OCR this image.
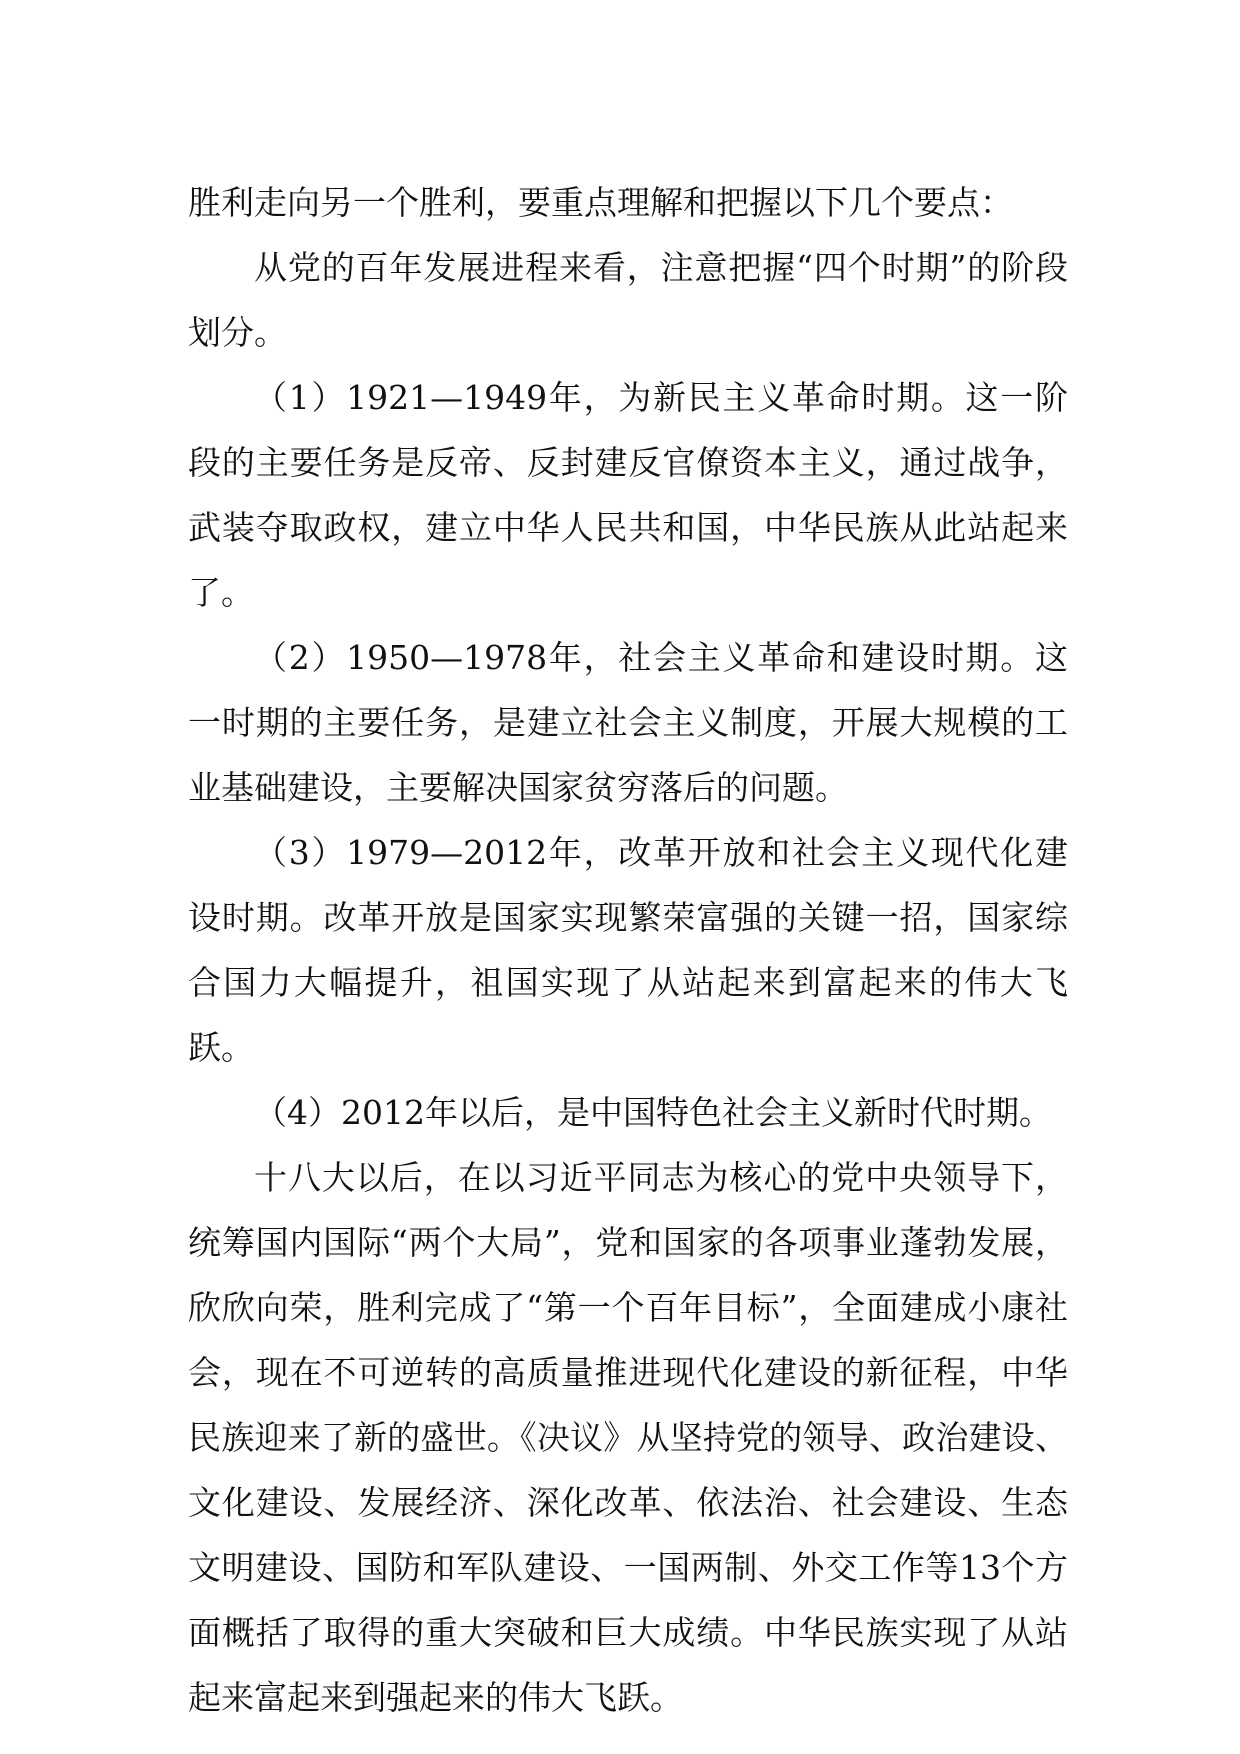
胜利走向另一个胜利，要重点理解和把握以下几个要点：

从党的百年发展进程来看，注意把握“四个时期”的阶段划分。

（1）1921—1949年，为新民主义革命时期。这一阶段的主要任务是反帝、反封建反官僚资本主义，通过战争，武装夺取政权，建立中华人民共和国，中华民族从此站起来了。

（2）1950—1978年，社会主义革命和建设时期。这一时期的主要任务，是建立社会主义制度，开展大规模的工业基础建设，主要解决国家贫穷落后的问题。

（3）1979—2012年，改革开放和社会主义现代化建设时期。改革开放是国家实现繁荣富强的关键一招，国家综合国力大幅提升，祖国实现了从站起来到富起来的伟大飞跃。

（4）2012年以后，是中国特色社会主义新时代时期。

十八大以后，在以习近平同志为核心的党中央领导下，统筹国内国际“两个大局”，党和国家的各项事业蓬勃发展，欣欣向荣，胜利完成了“第一个百年目标”，全面建成小康社会，现在不可逆转的高质量推进现代化建设的新征程，中华民族迎来了新的盛世。《决议》从坚持党的领导、政治建设、文化建设、发展经济、深化改革、依法治、社会建设、生态文明建设、国防和军队建设、一国两制、外交工作等13个方面概括了取得的重大突破和巨大成绩。中华民族实现了从站起来富起来到强起来的伟大飞跃。
